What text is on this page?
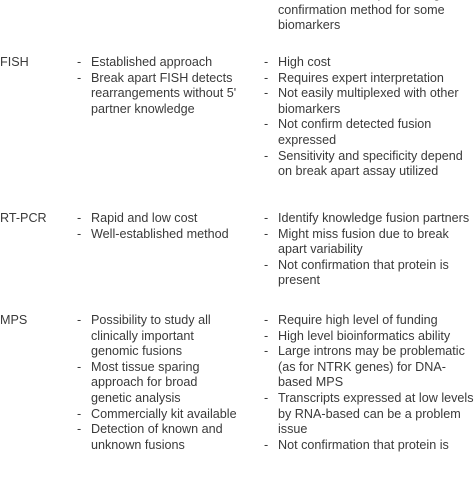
confirmation method for some
biomarkers
FISH	- Established approach
- Break apart FISH detects
rearrangements without 5'
partner knowledge
- High cost
- Requires expert interpretation
- Not easily multiplexed with other
biomarkers
- Not confirm detected fusion
expressed
- Sensitivity and specificity depend
on break apart assay utilized
RT-PCR - Rapid and low cost
- Well-established method
- Identify knowledge fusion partners
- Might miss fusion due to break
apart variability
- Not confirmation that protein is
present
MPS	- Possibility to study all
clinically important
genomic fusions
- Most tissue sparing
approach for broad
genetic analysis
- Commercially kit available
- Detection of known and
unknown fusions
- Require high level of funding
- High level bioinformatics ability
- Large introns may be problematic
(as for NTRK genes) for DNA-
based MPS
- Transcripts expressed at low levels
by RNA-based can be a problem
issue
- Not confirmation that protein is
